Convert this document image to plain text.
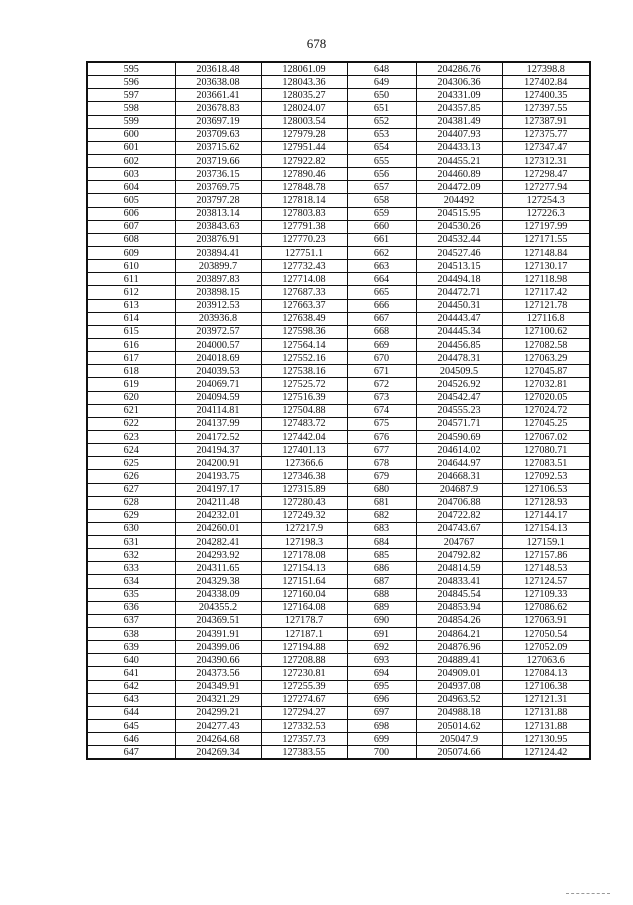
678
595	203618.48	128061.09	648	204286.76	127398.8
596	203638.08	128043.36	649	204306.36	127402.84
597	203661.41	128035.27	650	204331.09	127400.35
598	203678.83	128024.07	651	204357.85	127397.55
599	203697.19	128003.54	652	204381.49	127387.91
600	203709.63	127979.28	653	204407.93	127375.77
601	203715.62	127951.44	654	204433.13	127347.47
602	203719.66	127922.82	655	204455.21	127312.31
603	203736.15	127890.46	656	204460.89	127298.47
604	203769.75	127848.78	657	204472.09	127277.94
605	203797.28	127818.14	658	204492	127254.3
606	203813.14	127803.83	659	204515.95	127226.3
607	203843.63	127791.38	660	204530.26	127197.99
608	203876.91	127770.23	661	204532.44	127171.55
609	203894.41	127751.1	662	204527.46	127148.84
610	203899.7	127732.43	663	204513.15	127130.17
611	203897.83	127714.08	664	204494.18	127118.98
612	203898.15	127687.33	665	204472.71	127117.42
613	203912.53	127663.37	666	204450.31	127121.78
614	203936.8	127638.49	667	204443.47	127116.8
615	203972.57	127598.36	668	204445.34	127100.62
616	204000.57	127564.14	669	204456.85	127082.58
617	204018.69	127552.16	670	204478.31	127063.29
618	204039.53	127538.16	671	204509.5	127045.87
619	204069.71	127525.72	672	204526.92	127032.81
620	204094.59	127516.39	673	204542.47	127020.05
621	204114.81	127504.88	674	204555.23	127024.72
622	204137.99	127483.72	675	204571.71	127045.25
623	204172.52	127442.04	676	204590.69	127067.02
624	204194.37	127401.13	677	204614.02	127080.71
625	204200.91	127366.6	678	204644.97	127083.51
626	204193.75	127346.38	679	204668.31	127092.53
627	204197.17	127315.89	680	204687.9	127106.53
628	204211.48	127280.43	681	204706.88	127128.93
629	204232.01	127249.32	682	204722.82	127144.17
630	204260.01	127217.9	683	204743.67	127154.13
631	204282.41	127198.3	684	204767	127159.1
632	204293.92	127178.08	685	204792.82	127157.86
633	204311.65	127154.13	686	204814.59	127148.53
634	204329.38	127151.64	687	204833.41	127124.57
635	204338.09	127160.04	688	204845.54	127109.33
636	204355.2	127164.08	689	204853.94	127086.62
637	204369.51	127178.7	690	204854.26	127063.91
638	204391.91	127187.1	691	204864.21	127050.54
639	204399.06	127194.88	692	204876.96	127052.09
640	204390.66	127208.88	693	204889.41	127063.6
641	204373.56	127230.81	694	204909.01	127084.13
642	204349.91	127255.39	695	204937.08	127106.38
643	204321.29	127274.67	696	204963.52	127121.31
644	204299.21	127294.27	697	204988.18	127131.88
645	204277.43	127332.53	698	205014.62	127131.88
646	204264.68	127357.73	699	205047.9	127130.95
647	204269.34	127383.55	700	205074.66	127124.42
